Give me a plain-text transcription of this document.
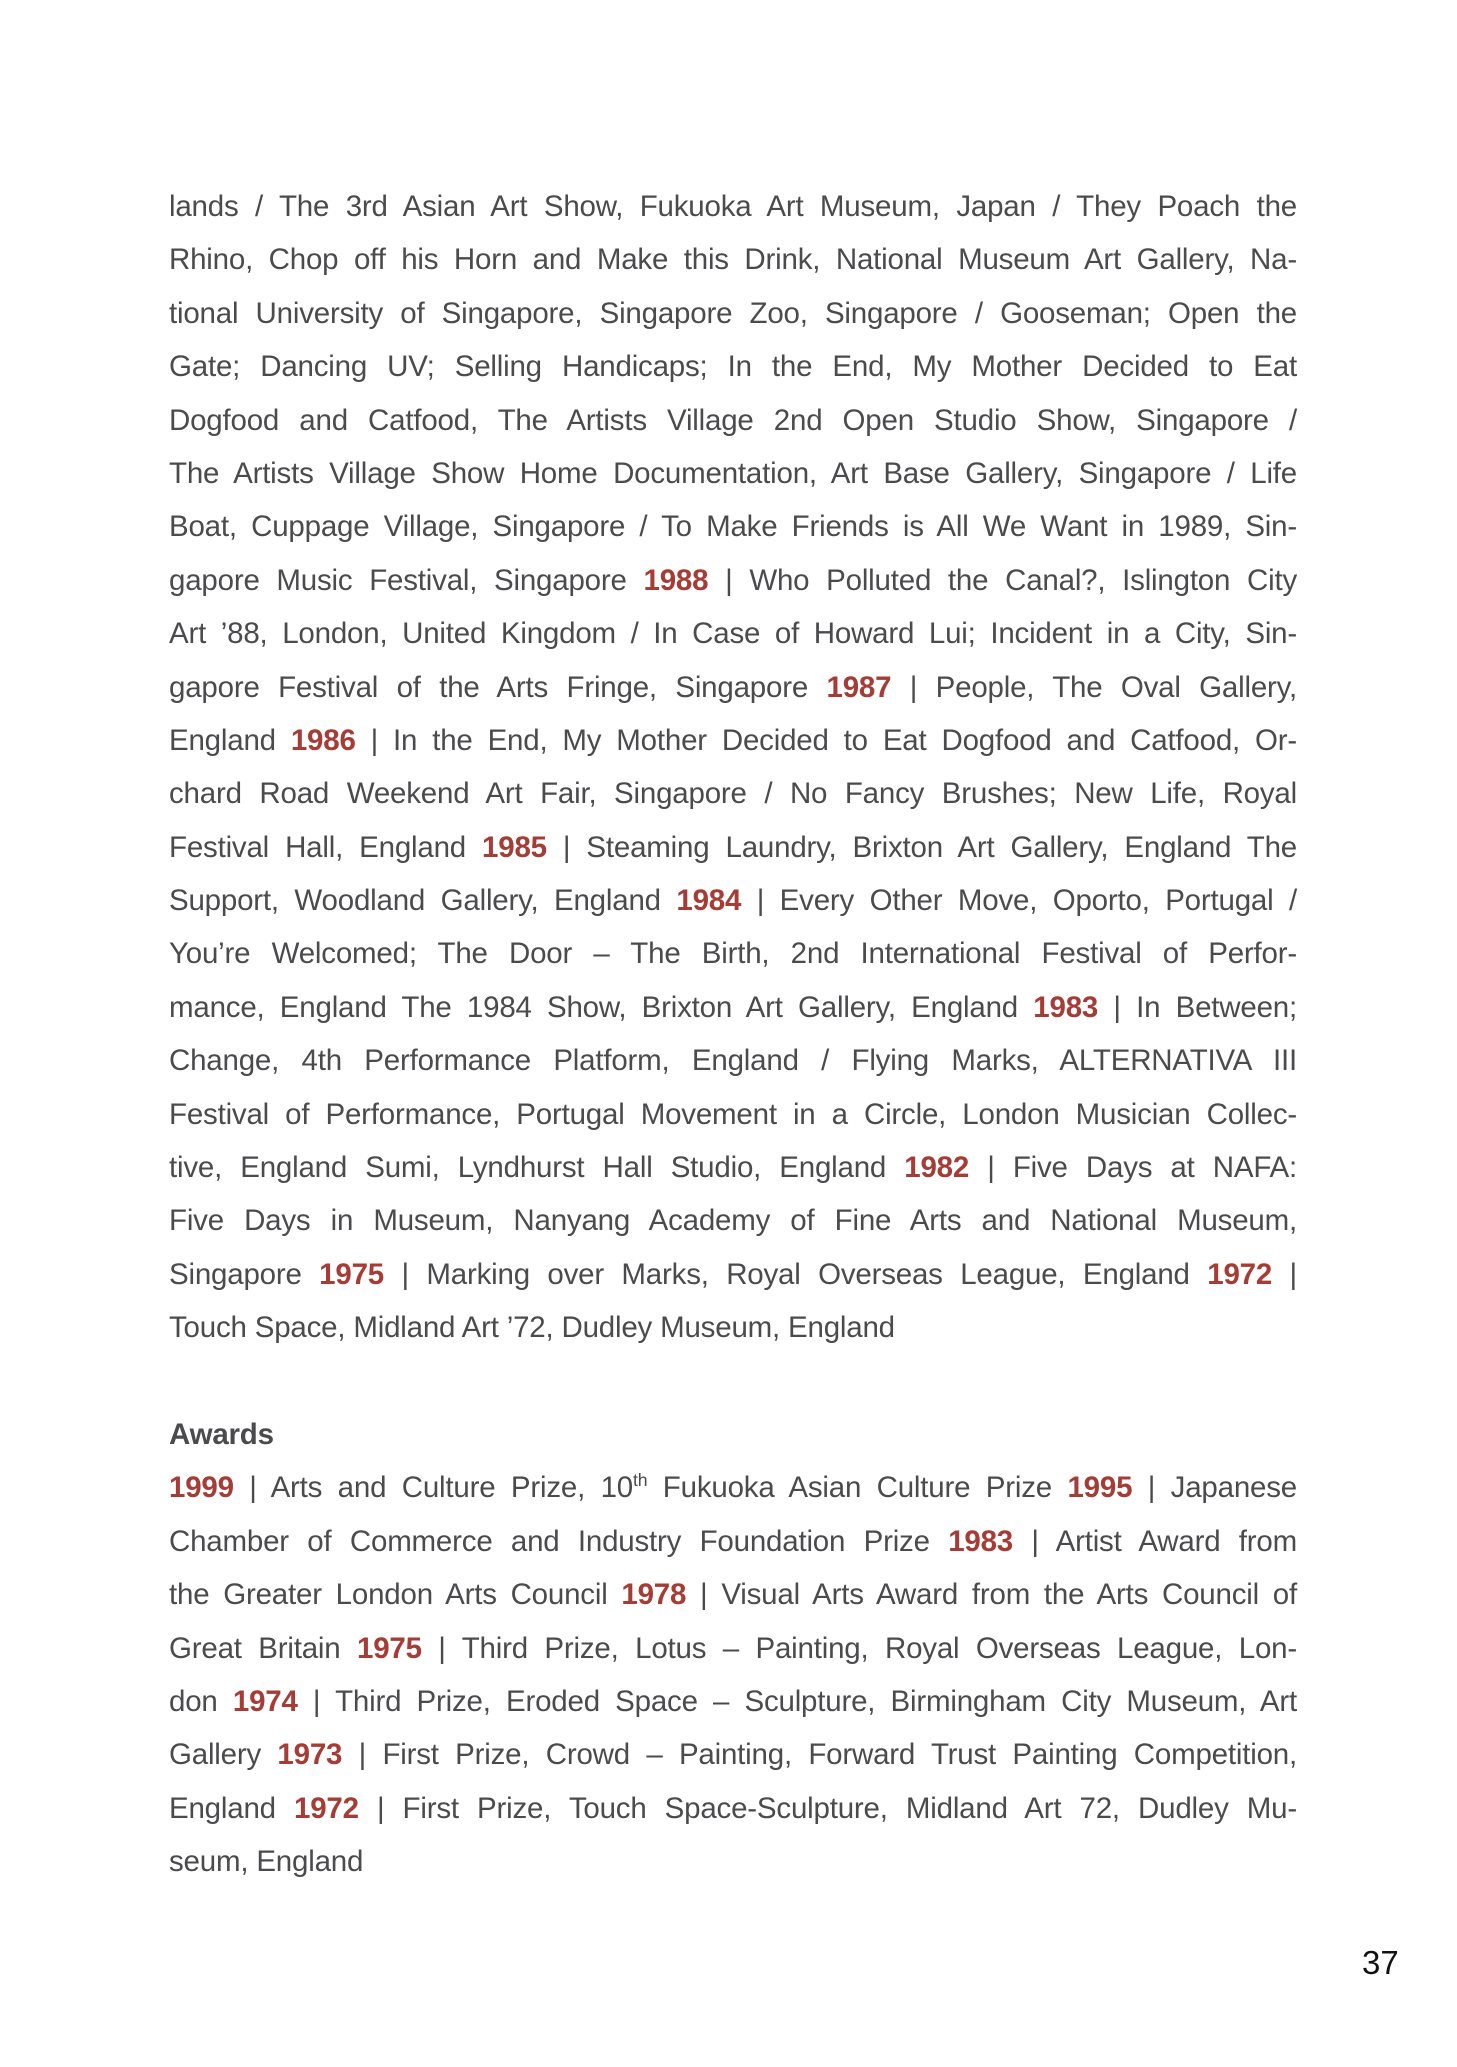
lands / The 3rd Asian Art Show, Fukuoka Art Museum, Japan / They Poach the
Rhino, Chop off his Horn and Make this Drink, National Museum Art Gallery, Na-
tional University of Singapore, Singapore Zoo, Singapore / Gooseman; Open the
Gate; Dancing UV; Selling Handicaps; In the End, My Mother Decided to Eat
Dogfood and Catfood, The Artists Village 2nd Open Studio Show, Singapore /
The Artists Village Show Home Documentation, Art Base Gallery, Singapore / Life
Boat, Cuppage Village, Singapore / To Make Friends is All We Want in 1989, Sin-
gapore Music Festival, Singapore 1988 | Who Polluted the Canal?, Islington City
Art ’88, London, United Kingdom / In Case of Howard Lui; Incident in a City, Sin-
gapore Festival of the Arts Fringe, Singapore 1987 | People, The Oval Gallery,
England 1986 | In the End, My Mother Decided to Eat Dogfood and Catfood, Or-
chard Road Weekend Art Fair, Singapore / No Fancy Brushes; New Life, Royal
Festival Hall, England 1985 | Steaming Laundry, Brixton Art Gallery, England The
Support, Woodland Gallery, England 1984 | Every Other Move, Oporto, Portugal /
You’re Welcomed; The Door – The Birth, 2nd International Festival of Perfor-
mance, England The 1984 Show, Brixton Art Gallery, England 1983 | In Between;
Change, 4th Performance Platform, England / Flying Marks, ALTERNATIVA III
Festival of Performance, Portugal Movement in a Circle, London Musician Collec-
tive, England Sumi, Lyndhurst Hall Studio, England 1982 | Five Days at NAFA:
Five Days in Museum, Nanyang Academy of Fine Arts and National Museum,
Singapore 1975 | Marking over Marks, Royal Overseas League, England 1972 |
Touch Space, Midland Art ’72, Dudley Museum, England
Awards
1999 | Arts and Culture Prize, 10th Fukuoka Asian Culture Prize 1995 | Japanese
Chamber of Commerce and Industry Foundation Prize 1983 | Artist Award from
the Greater London Arts Council 1978 | Visual Arts Award from the Arts Council of
Great Britain 1975 | Third Prize, Lotus – Painting, Royal Overseas League, Lon-
don 1974 | Third Prize, Eroded Space – Sculpture, Birmingham City Museum, Art
Gallery 1973 | First Prize, Crowd – Painting, Forward Trust Painting Competition,
England 1972 | First Prize, Touch Space-Sculpture, Midland Art 72, Dudley Mu-
seum, England
37
